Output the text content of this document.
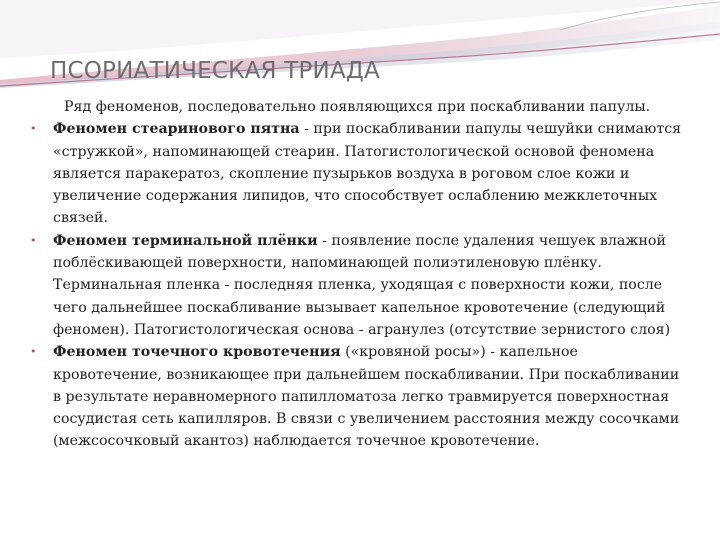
ПСОРИАТИЧЕСКАЯ ТРИАДА
Ряд феноменов, последовательно появляющихся при поскабливании папулы.
• Феномен стеаринового пятна - при поскабливании папулы чешуйки снимаются «стружкой», напоминающей стеарин. Патогистологической основой феномена является паракератоз, скопление пузырьков воздуха в роговом слое кожи и увеличение содержания липидов, что способствует ослаблению межклеточных связей.
• Феномен терминальной плёнки - появление после удаления чешуек влажной поблёскивающей поверхности, напоминающей полиэтиленовую плёнку. Терминальная пленка - последняя пленка, уходящая с поверхности кожи, после чего дальнейшее поскабливание вызывает капельное кровотечение (следующий феномен). Патогистологическая основа - агранулез (отсутствие зернистого слоя)
• Феномен точечного кровотечения («кровяной росы») - капельное кровотечение, возникающее при дальнейшем поскабливании. При поскабливании в результате неравномерного папилломатоза легко травмируется поверхностная сосудистая сеть капилляров. В связи с увеличением расстояния между сосочками (межсосочковый акантоз) наблюдается точечное кровотечение.
